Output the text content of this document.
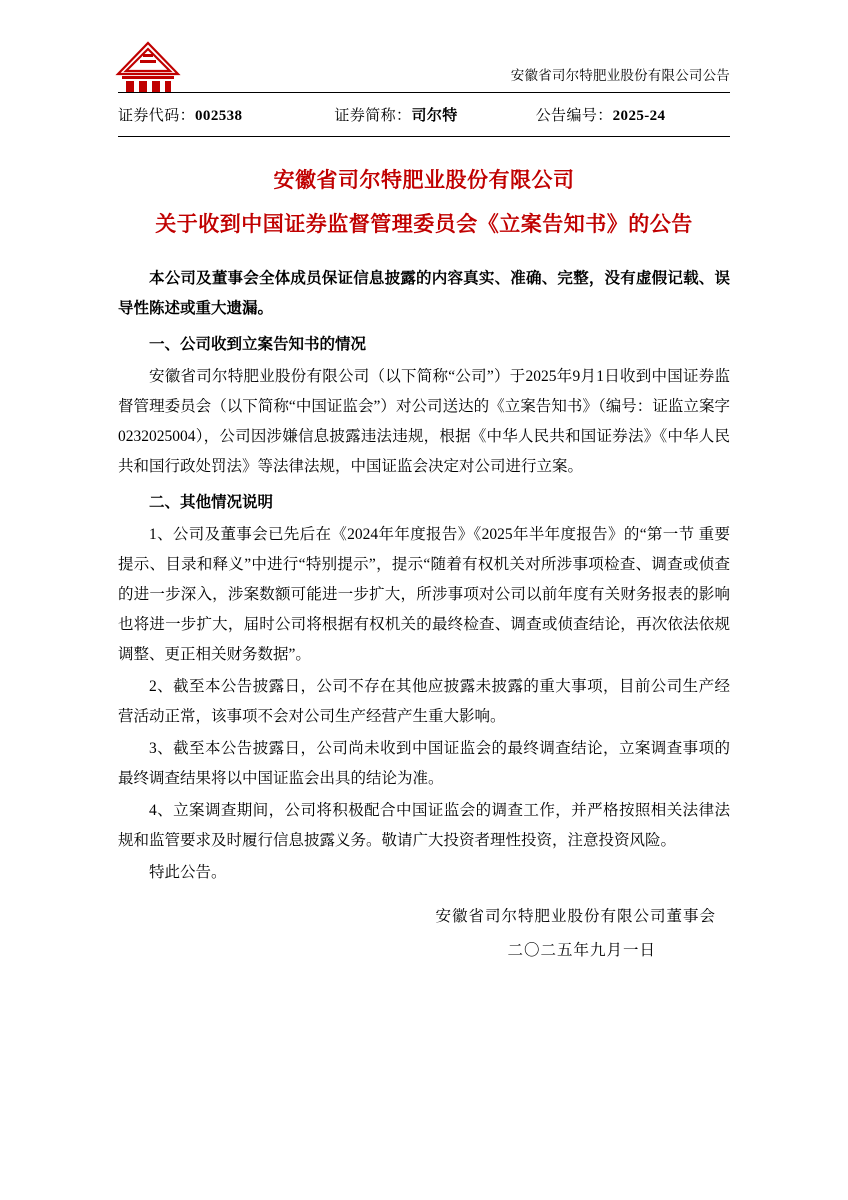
安徽省司尔特肥业股份有限公司公告
证券代码：002538	证券简称：司尔特	公告编号：2025-24
安徽省司尔特肥业股份有限公司
关于收到中国证券监督管理委员会《立案告知书》的公告

本公司及董事会全体成员保证信息披露的内容真实、准确、完整，没有虚假记载、误导性陈述或重大遗漏。

一、公司收到立案告知书的情况

安徽省司尔特肥业股份有限公司（以下简称“公司”）于2025年9月1日收到中国证券监督管理委员会（以下简称“中国证监会”）对公司送达的《立案告知书》（编号：证监立案字0232025004），公司因涉嫌信息披露违法违规，根据《中华人民共和国证券法》《中华人民共和国行政处罚法》等法律法规，中国证监会决定对公司进行立案。

二、其他情况说明

1、公司及董事会已先后在《2024年年度报告》《2025年半年度报告》的“第一节 重要提示、目录和释义”中进行“特别提示”，提示“随着有权机关对所涉事项检查、调查或侦查的进一步深入，涉案数额可能进一步扩大，所涉事项对公司以前年度有关财务报表的影响也将进一步扩大，届时公司将根据有权机关的最终检查、调查或侦查结论，再次依法依规调整、更正相关财务数据”。

2、截至本公告披露日，公司不存在其他应披露未披露的重大事项，目前公司生产经营活动正常，该事项不会对公司生产经营产生重大影响。

3、截至本公告披露日，公司尚未收到中国证监会的最终调查结论，立案调查事项的最终调查结果将以中国证监会出具的结论为准。

4、立案调查期间，公司将积极配合中国证监会的调查工作，并严格按照相关法律法规和监管要求及时履行信息披露义务。敬请广大投资者理性投资，注意投资风险。

特此公告。

安徽省司尔特肥业股份有限公司董事会
二〇二五年九月一日
